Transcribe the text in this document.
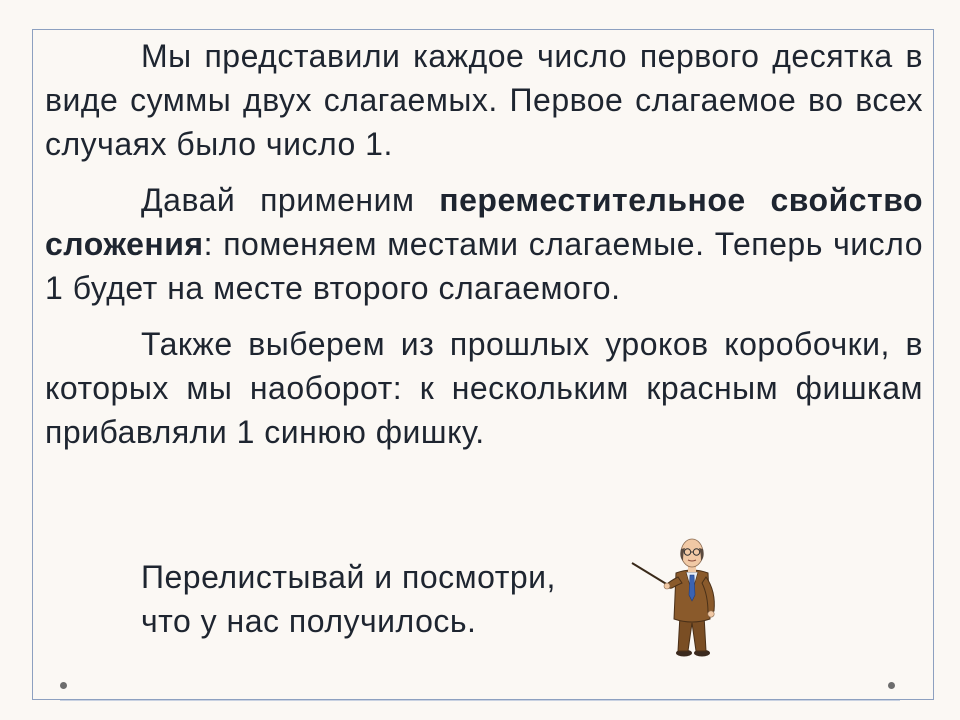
Мы представили каждое число первого десятка в виде суммы двух слагаемых. Первое слагаемое во всех случаях было число 1.

Давай применим переместительное свойство сложения: поменяем местами слагаемые. Теперь число 1 будет на месте второго слагаемого.

Также выберем из прошлых уроков коробочки, в которых мы наоборот: к нескольким красным фишкам прибавляли 1 синюю фишку.

Перелистывай и посмотри,
что у нас получилось.
